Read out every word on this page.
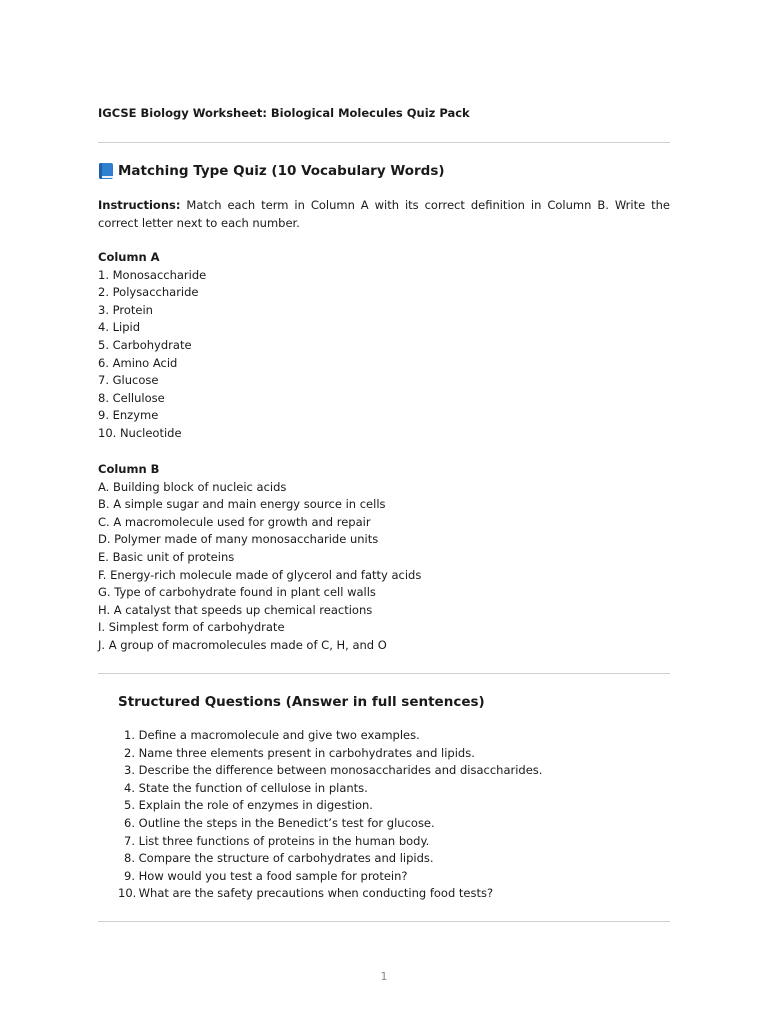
IGCSE Biology Worksheet: Biological Molecules Quiz Pack
Matching Type Quiz (10 Vocabulary Words)
Instructions: Match each term in Column A with its correct definition in Column B. Write the correct letter next to each number.
Column A
1. Monosaccharide
2. Polysaccharide
3. Protein
4. Lipid
5. Carbohydrate
6. Amino Acid
7. Glucose
8. Cellulose
9. Enzyme
10. Nucleotide
Column B
A. Building block of nucleic acids
B. A simple sugar and main energy source in cells
C. A macromolecule used for growth and repair
D. Polymer made of many monosaccharide units
E. Basic unit of proteins
F. Energy-rich molecule made of glycerol and fatty acids
G. Type of carbohydrate found in plant cell walls
H. A catalyst that speeds up chemical reactions
I. Simplest form of carbohydrate
J. A group of macromolecules made of C, H, and O
Structured Questions (Answer in full sentences)
1.
Define a macromolecule and give two examples.
2.
Name three elements present in carbohydrates and lipids.
3.
Describe the difference between monosaccharides and disaccharides.
4.
State the function of cellulose in plants.
5.
Explain the role of enzymes in digestion.
6.
Outline the steps in the Benedict’s test for glucose.
7.
List three functions of proteins in the human body.
8.
Compare the structure of carbohydrates and lipids.
9.
How would you test a food sample for protein?
10.
What are the safety precautions when conducting food tests?
1
